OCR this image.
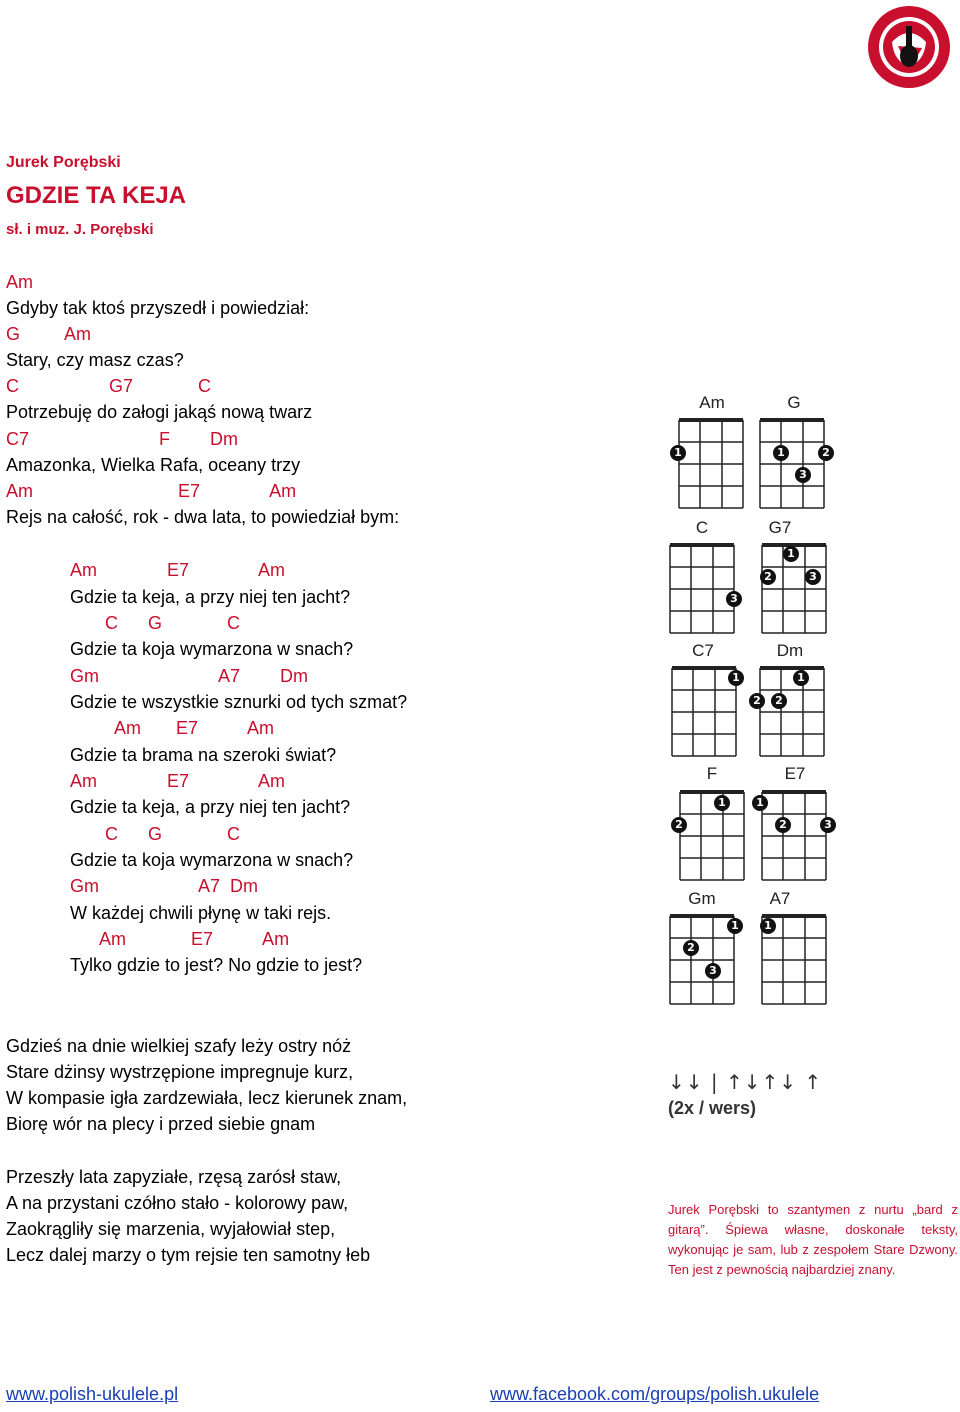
Jurek Porębski
GDZIE TA KEJA
sł. i muz. J. Porębski
Am
Gdyby tak ktoś przyszedł i powiedział:
G         Am
Stary, czy masz czas?
C                  G7             C
Potrzebuję do załogi jakąś nową twarz
C7                          F        Dm
Amazonka, Wielka Rafa, oceany trzy
Am                             E7              Am
Rejs na całość, rok - dwa lata, to powiedział bym:
Am              E7              Am
Gdzie ta keja, a przy niej ten jacht?
C      G             C
Gdzie ta koja wymarzona w snach?
Gm                        A7        Dm
Gdzie te wszystkie sznurki od tych szmat?
Am       E7          Am
Gdzie ta brama na szeroki świat?
Am              E7              Am
Gdzie ta keja, a przy niej ten jacht?
C      G             C
Gdzie ta koja wymarzona w snach?
Gm                    A7  Dm
W każdej chwili płynę w taki rejs.
Am             E7          Am
Tylko gdzie to jest? No gdzie to jest?
Am
1
G
1	2
3
C
3
G7
1
2	3
C7
1
Dm
1
2	2
F
1
2
E7
1
2	3
Gm
1
2
3
A7
1
Gdzieś na dnie wielkiej szafy leży ostry nóż
Stare dżinsy wystrzępione impregnuje kurz,
W kompasie igła zardzewiała, lecz kierunek znam,
Biorę wór na plecy i przed siebie gnam
Przeszły lata zapyziałe, rzęsą zarósł staw,
A na przystani czółno stało - kolorowy paw,
Zaokrągliły się marzenia, wyjałowiał step,
Lecz dalej marzy o tym rejsie ten samotny łeb
↓↓ | ↑↓↑↓ ↑
(2x / wers)
Jurek Porębski to szantymen z nurtu „bard z gitarą”. Śpiewa własne, doskonałe teksty, wykonując je sam, lub z zespołem Stare Dzwony. Ten jest z pewnością najbardziej znany.
www.polish-ukulele.pl	www.facebook.com/groups/polish.ukulele
